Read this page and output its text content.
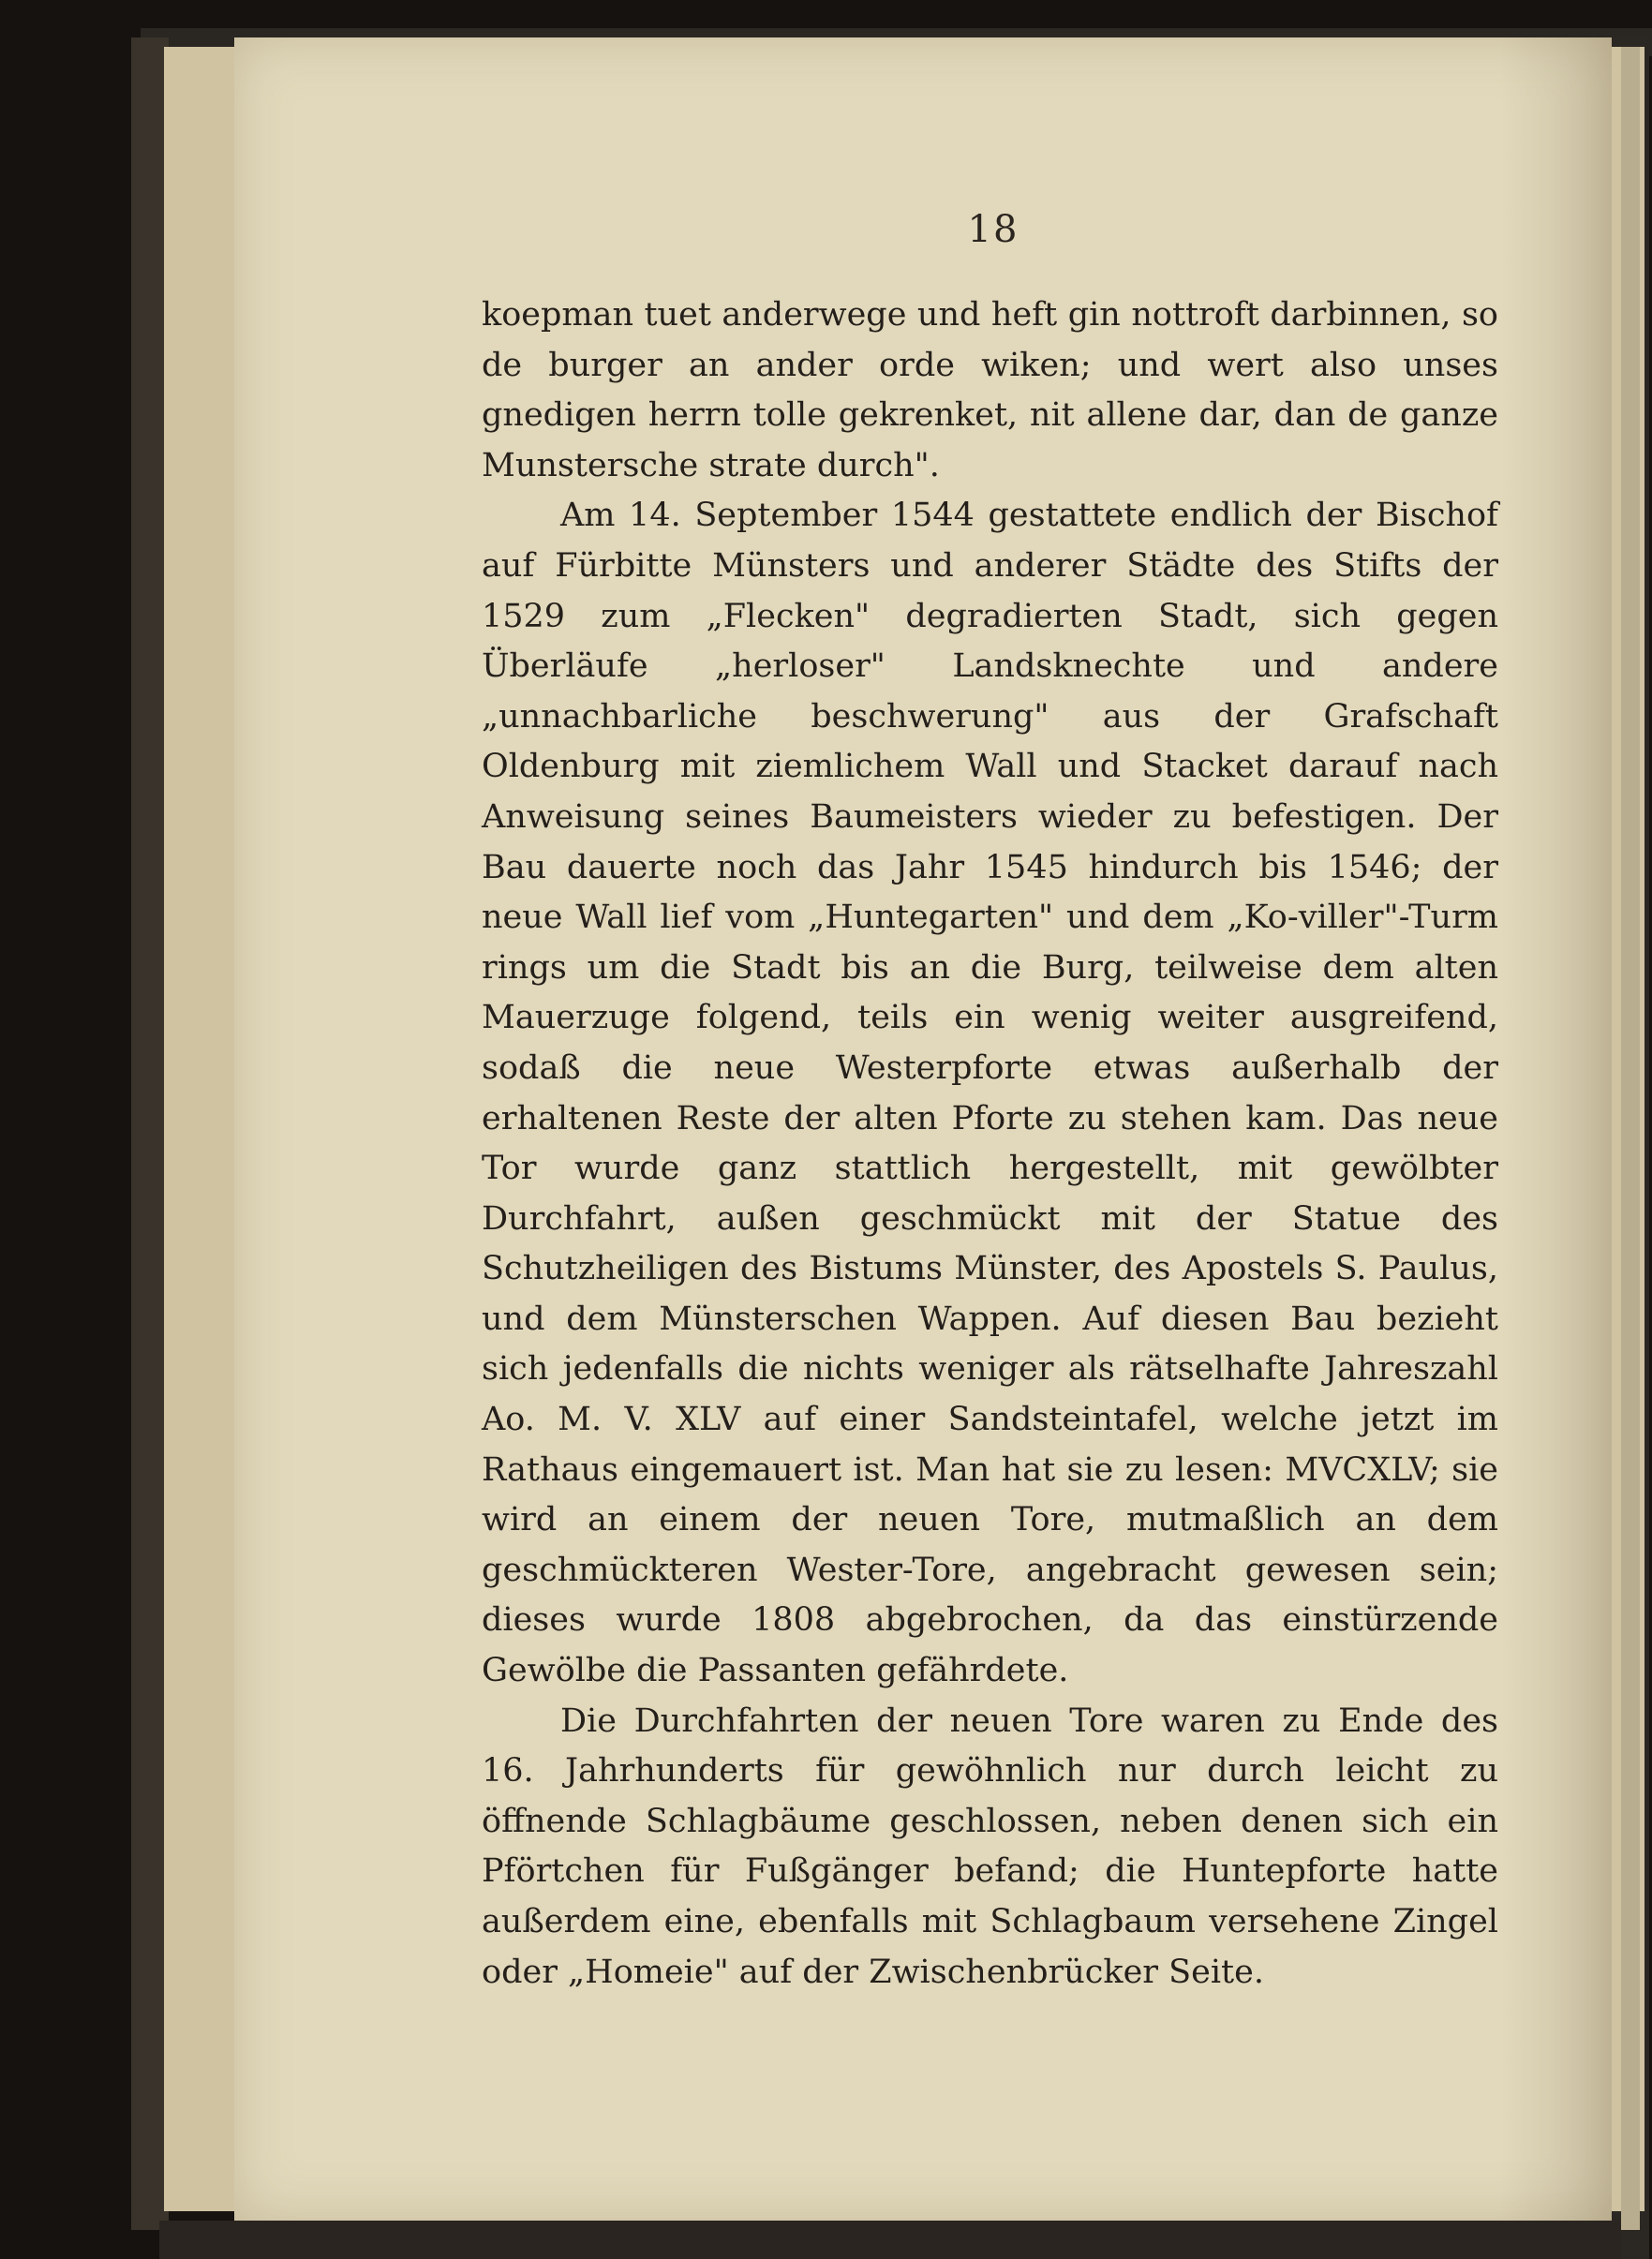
18

koepman tuet anderwege und heft gin nottroft darbinnen, so de burger an ander orde wiken; und wert also unses gnedigen herrn tolle gekrenket, nit allene dar, dan de ganze Munstersche strate durch".

Am 14. September 1544 gestattete endlich der Bischof auf Fürbitte Münsters und anderer Städte des Stifts der 1529 zum „Flecken" degradierten Stadt, sich gegen Überläufe „herloser" Landsknechte und andere „unnachbarliche beschwerung" aus der Grafschaft Oldenburg mit ziemlichem Wall und Stacket darauf nach Anweisung seines Baumeisters wieder zu befestigen. Der Bau dauerte noch das Jahr 1545 hindurch bis 1546; der neue Wall lief vom „Huntegarten" und dem „Ko-viller"-Turm rings um die Stadt bis an die Burg, teilweise dem alten Mauerzuge folgend, teils ein wenig weiter ausgreifend, sodaß die neue Westerpforte etwas außerhalb der erhaltenen Reste der alten Pforte zu stehen kam. Das neue Tor wurde ganz stattlich hergestellt, mit gewölbter Durchfahrt, außen geschmückt mit der Statue des Schutzheiligen des Bistums Münster, des Apostels S. Paulus, und dem Münsterschen Wappen. Auf diesen Bau bezieht sich jedenfalls die nichts weniger als rätselhafte Jahreszahl Ao. M. V. XLV auf einer Sandsteintafel, welche jetzt im Rathaus eingemauert ist. Man hat sie zu lesen: MVCXLV; sie wird an einem der neuen Tore, mutmaßlich an dem geschmückteren Wester-Tore, angebracht gewesen sein; dieses wurde 1808 abgebrochen, da das einstürzende Gewölbe die Passanten gefährdete.

Die Durchfahrten der neuen Tore waren zu Ende des 16. Jahrhunderts für gewöhnlich nur durch leicht zu öffnende Schlagbäume geschlossen, neben denen sich ein Pförtchen für Fußgänger befand; die Huntepforte hatte außerdem eine, ebenfalls mit Schlagbaum versehene Zingel oder „Homeie" auf der Zwischenbrücker Seite.
